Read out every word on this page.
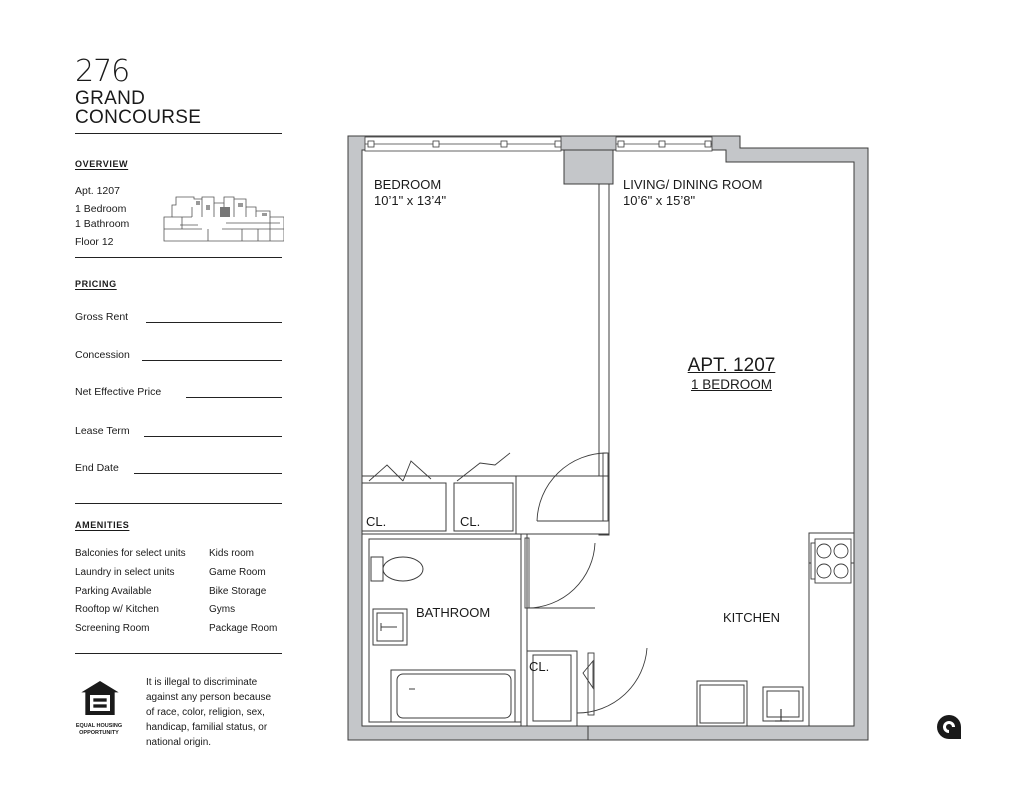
276
GRAND
CONCOURSE
OVERVIEW
Apt. 1207
1 Bedroom
1 Bathroom
Floor 12
PRICING
Gross Rent
Concession
Net Effective Price
Lease Term
End Date
AMENITIES
Balconies for select units
Laundry in select units
Parking Available
Rooftop w/ Kitchen
Screening Room
Kids room
Game Room
Bike Storage
Gyms
Package Room
EQUAL HOUSING
OPPORTUNITY
It is illegal to discriminate
against any person because
of race, color, religion, sex,
handicap, familial status, or
national origin.
BEDROOM
10’1" x 13’4"
LIVING/ DINING ROOM
10’6" x 15’8"
APT. 1207
1 BEDROOM
CL.	CL.
CL.
BATHROOM	KITCHEN
